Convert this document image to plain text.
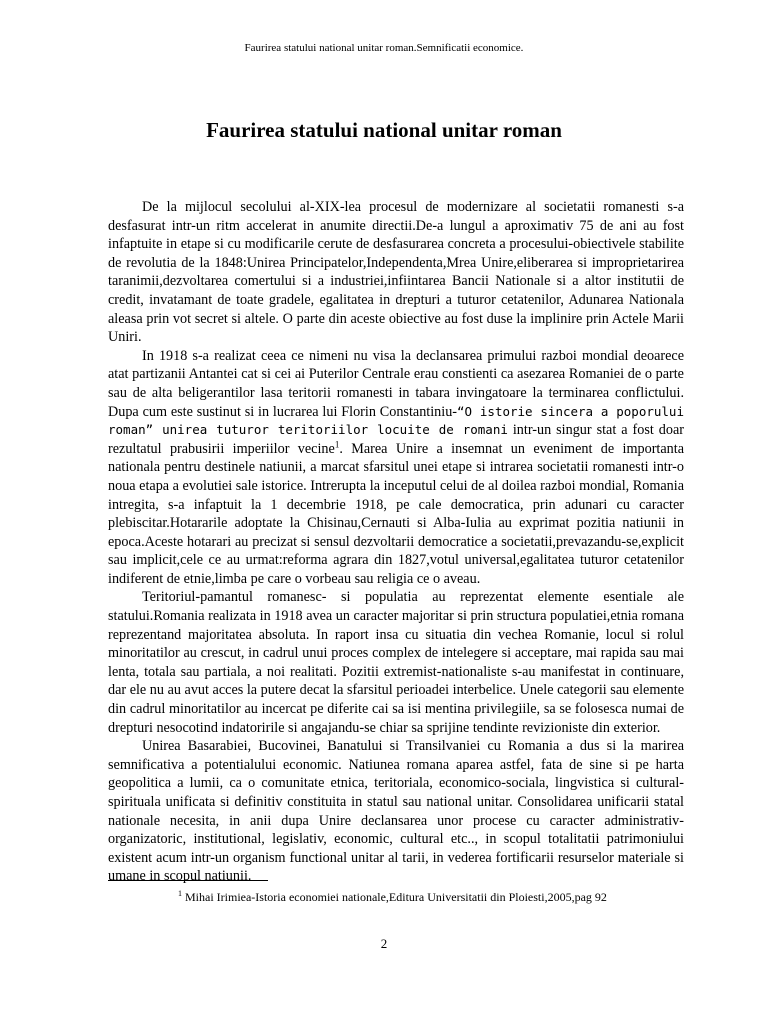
Faurirea statului national unitar roman.Semnificatii economice.
Faurirea statului national unitar roman

De la mijlocul secolului al-XIX-lea procesul de modernizare al societatii romanesti s-a desfasurat intr-un ritm accelerat in anumite directii.De-a lungul a aproximativ 75 de ani au fost infaptuite in etape si cu modificarile cerute de desfasurarea concreta a procesului-obiectivele stabilite de revolutia de la 1848:Unirea Principatelor,Independenta,Mrea Unire,eliberarea si improprietarirea taranimii,dezvoltarea comertului si a industriei,infiintarea Bancii Nationale si a altor institutii de credit, invatamant de toate gradele, egalitatea in drepturi a tuturor cetatenilor, Adunarea Nationala aleasa prin vot secret si altele. O parte din aceste obiective au fost duse la implinire prin Actele Marii Uniri.

In 1918 s-a realizat ceea ce nimeni nu visa la declansarea primului razboi mondial deoarece atat partizanii Antantei cat si cei ai Puterilor Centrale erau constienti ca asezarea Romaniei de o parte sau de alta beligerantilor lasa teritorii romanesti in tabara invingatoare la terminarea conflictului. Dupa cum este sustinut si in lucrarea lui Florin Constantiniu-“O istorie sincera a poporului roman” unirea tuturor teritoriilor locuite de romani intr-un singur stat a fost doar rezultatul prabusirii imperiilor vecine$^1$. Marea Unire a insemnat un eveniment de importanta nationala pentru destinele natiunii, a marcat sfarsitul unei etape si intrarea societatii romanesti intr-o noua etapa a evolutiei sale istorice. Intrerupta la inceputul celui de al doilea razboi mondial, Romania intregita, s-a infaptuit la 1 decembrie 1918, pe cale democratica, prin adunari cu caracter plebiscitar.Hotararile adoptate la Chisinau,Cernauti si Alba-Iulia au exprimat pozitia natiunii in epoca.Aceste hotarari au precizat si sensul dezvoltarii democratice a societatii,prevazandu-se,explicit sau implicit,cele ce au urmat:reforma agrara din 1827,votul universal,egalitatea tuturor cetatenilor indiferent de etnie,limba pe care o vorbeau sau religia ce o aveau.

Teritoriul-pamantul romanesc- si populatia au reprezentat elemente esentiale ale statului.Romania realizata in 1918 avea un caracter majoritar si prin structura populatiei,etnia romana reprezentand majoritatea absoluta. In raport insa cu situatia din vechea Romanie, locul si rolul minoritatilor au crescut, in cadrul unui proces complex de intelegere si acceptare, mai rapida sau mai lenta, totala sau partiala, a noi realitati. Pozitii extremist-nationaliste s-au manifestat in continuare, dar ele nu au avut acces la putere decat la sfarsitul perioadei interbelice. Unele categorii sau elemente din cadrul minoritatilor au incercat pe diferite cai sa isi mentina privilegiile, sa se folosesca numai de drepturi nesocotind indatoririle si angajandu-se chiar sa sprijine tendinte revizioniste din exterior.

Unirea Basarabiei, Bucovinei, Banatului si Transilvaniei cu Romania a dus si la marirea semnificativa a potentialului economic. Natiunea romana aparea astfel, fata de sine si pe harta geopolitica a lumii, ca o comunitate etnica, teritoriala, economico-sociala, lingvistica si cultural-spirituala unificata si definitiv constituita in statul sau national unitar. Consolidarea unificarii statal nationale necesita, in anii dupa Unire declansarea unor procese cu caracter administrativ-organizatoric, institutional, legislativ, economic, cultural etc.., in scopul totalitatii patrimoniului existent acum intr-un organism functional unitar al tarii, in vederea fortificarii resurselor materiale si umane in scopul natiunii.

$^1$ Mihai Irimiea-Istoria economiei nationale,Editura Universitatii din Ploiesti,2005,pag 92
2
